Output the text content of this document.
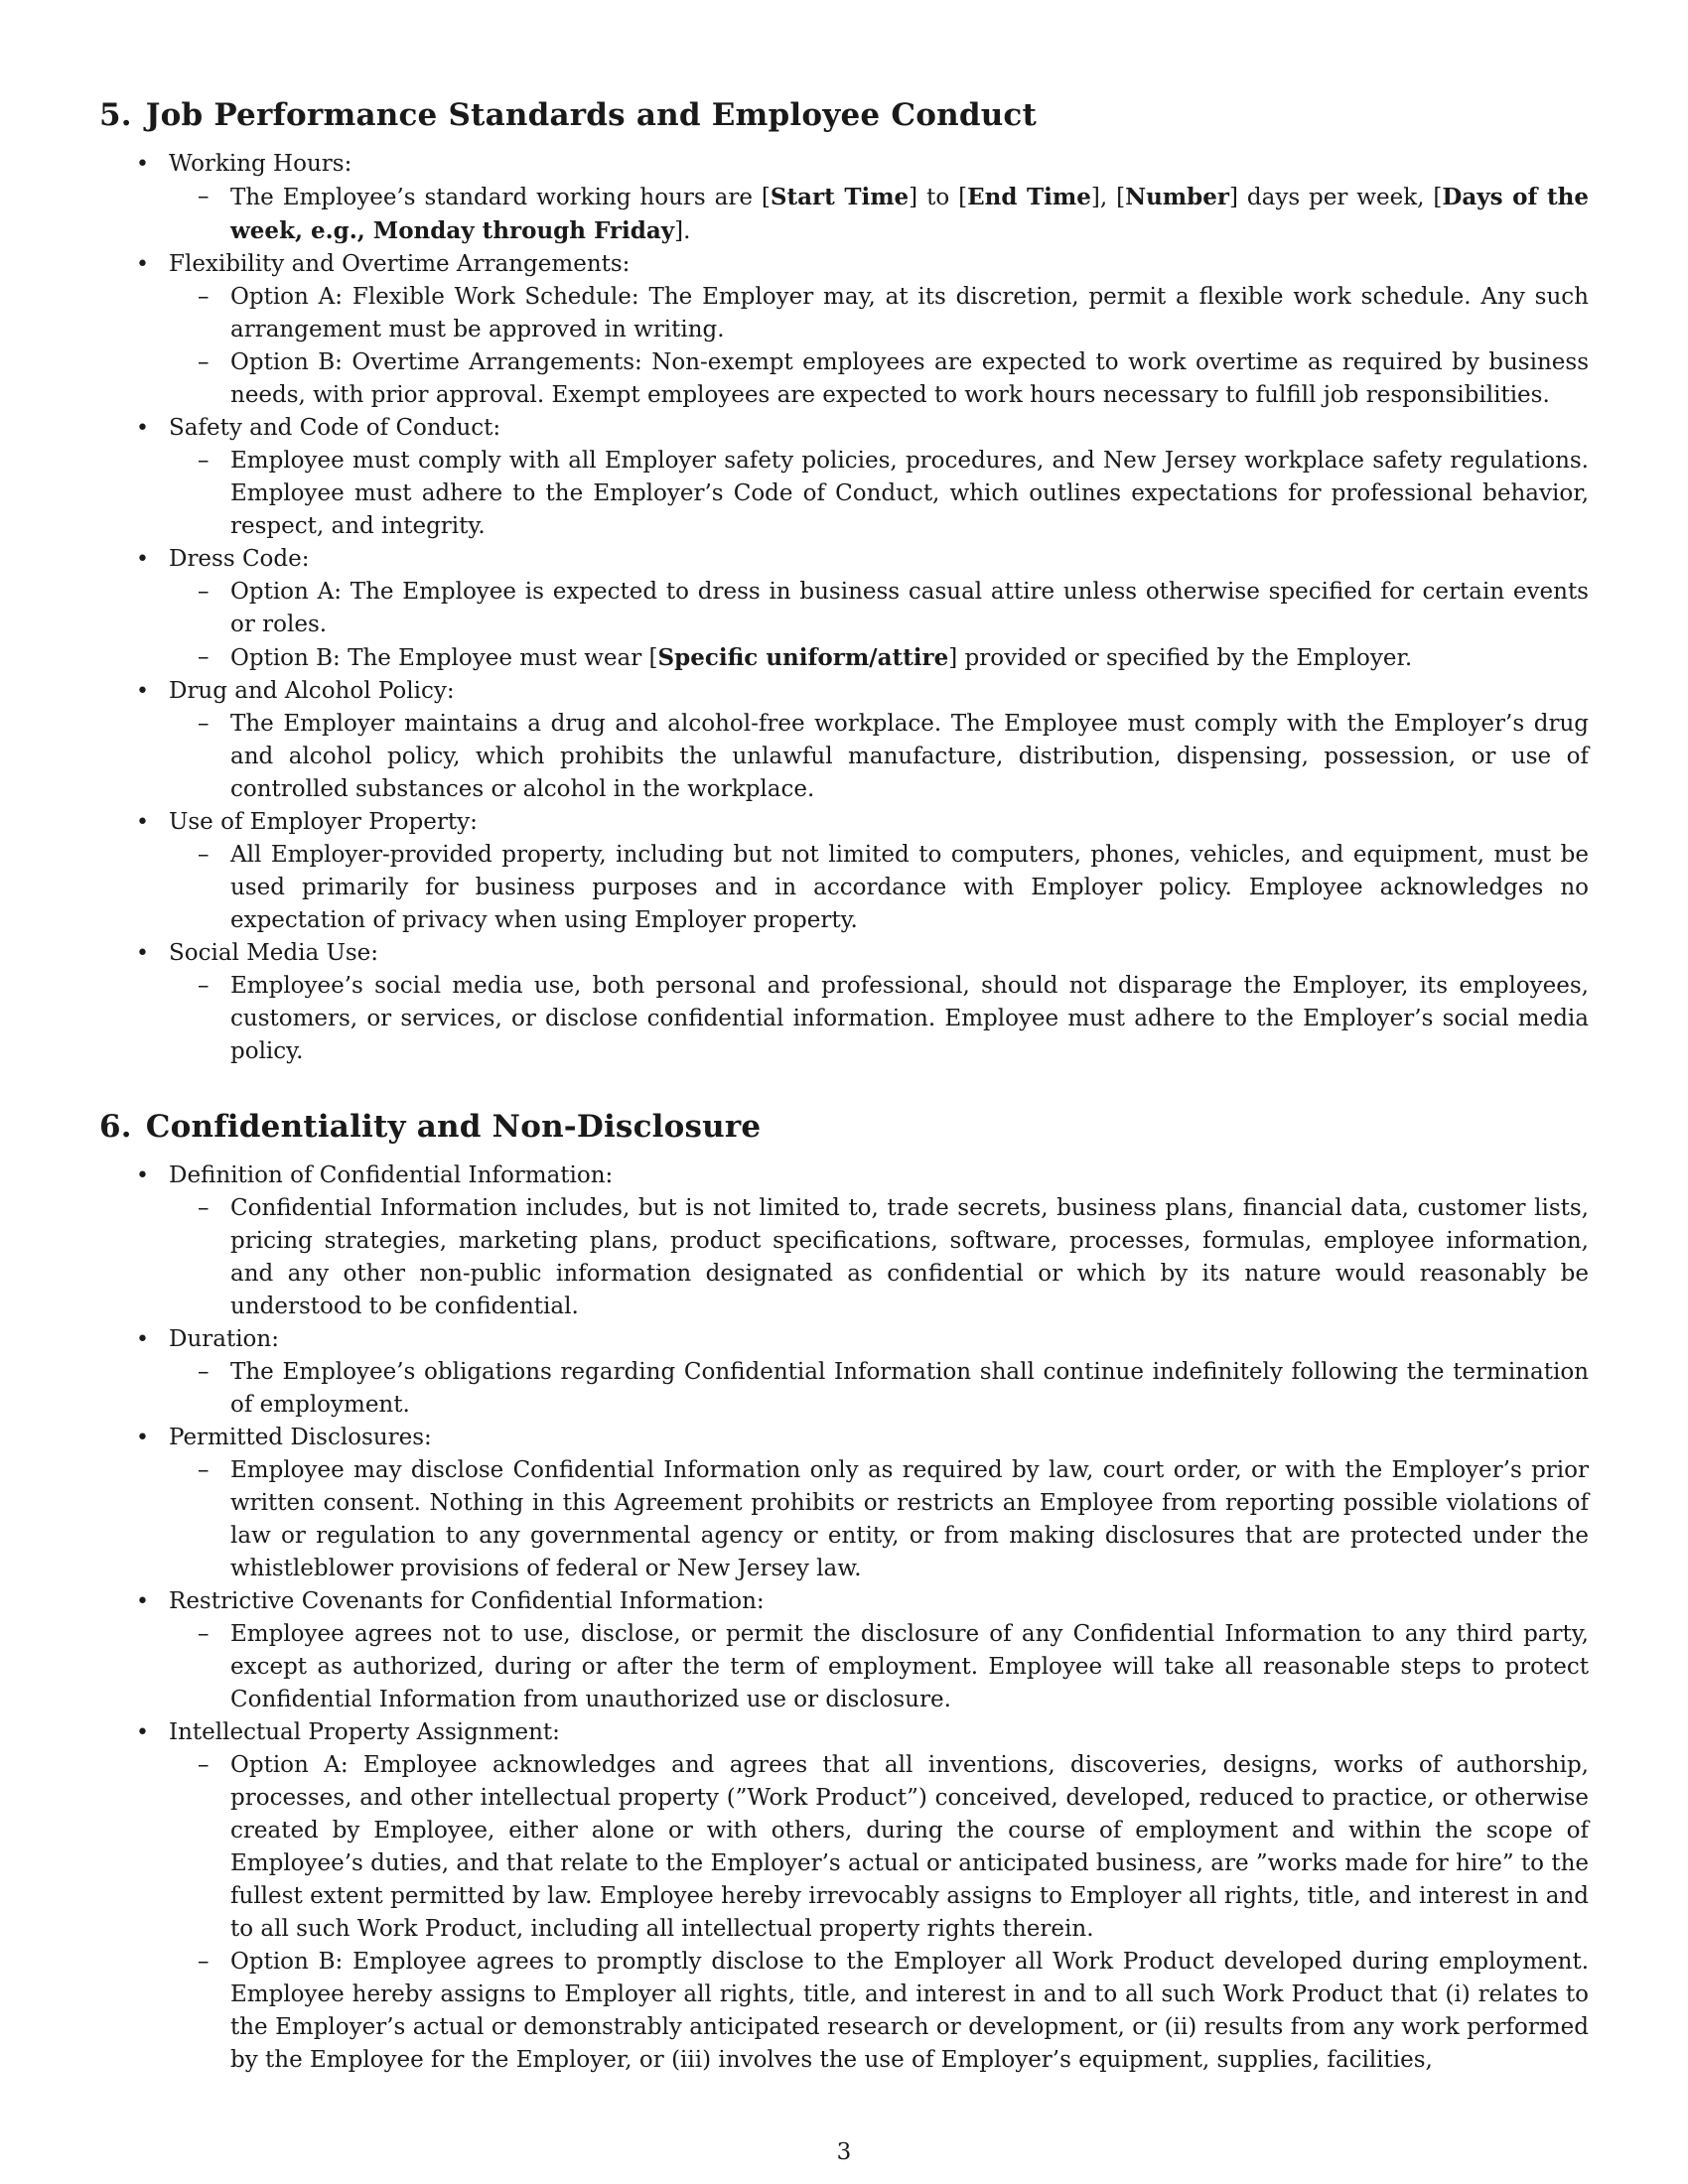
5. Job Performance Standards and Employee Conduct
• Working Hours:
– The Employee’s standard working hours are [Start Time] to [End Time], [Number] days per week, [Days of the week, e.g., Monday through Friday].
• Flexibility and Overtime Arrangements:
– Option A: Flexible Work Schedule: The Employer may, at its discretion, permit a flexible work schedule. Any such arrangement must be approved in writing.
– Option B: Overtime Arrangements: Non-exempt employees are expected to work overtime as required by business needs, with prior approval. Exempt employees are expected to work hours necessary to fulfill job responsibilities.
• Safety and Code of Conduct:
– Employee must comply with all Employer safety policies, procedures, and New Jersey workplace safety regulations. Employee must adhere to the Employer’s Code of Conduct, which outlines expectations for professional behavior, respect, and integrity.
• Dress Code:
– Option A: The Employee is expected to dress in business casual attire unless otherwise specified for certain events or roles.
– Option B: The Employee must wear [Specific uniform/attire] provided or specified by the Employer.
• Drug and Alcohol Policy:
– The Employer maintains a drug and alcohol-free workplace. The Employee must comply with the Employer’s drug and alcohol policy, which prohibits the unlawful manufacture, distribution, dispensing, possession, or use of controlled substances or alcohol in the workplace.
• Use of Employer Property:
– All Employer-provided property, including but not limited to computers, phones, vehicles, and equipment, must be used primarily for business purposes and in accordance with Employer policy. Employee acknowledges no expectation of privacy when using Employer property.
• Social Media Use:
– Employee’s social media use, both personal and professional, should not disparage the Employer, its employees, customers, or services, or disclose confidential information. Employee must adhere to the Employer’s social media policy.
6. Confidentiality and Non-Disclosure
• Definition of Confidential Information:
– Confidential Information includes, but is not limited to, trade secrets, business plans, financial data, customer lists, pricing strategies, marketing plans, product specifications, software, processes, formulas, employee information, and any other non-public information designated as confidential or which by its nature would reasonably be understood to be confidential.
• Duration:
– The Employee’s obligations regarding Confidential Information shall continue indefinitely following the termination of employment.
• Permitted Disclosures:
– Employee may disclose Confidential Information only as required by law, court order, or with the Employer’s prior written consent. Nothing in this Agreement prohibits or restricts an Employee from reporting possible violations of law or regulation to any governmental agency or entity, or from making disclosures that are protected under the whistleblower provisions of federal or New Jersey law.
• Restrictive Covenants for Confidential Information:
– Employee agrees not to use, disclose, or permit the disclosure of any Confidential Information to any third party, except as authorized, during or after the term of employment. Employee will take all reasonable steps to protect Confidential Information from unauthorized use or disclosure.
• Intellectual Property Assignment:
– Option A: Employee acknowledges and agrees that all inventions, discoveries, designs, works of authorship, processes, and other intellectual property (”Work Product”) conceived, developed, reduced to practice, or otherwise created by Employee, either alone or with others, during the course of employment and within the scope of Employee’s duties, and that relate to the Employer’s actual or anticipated business, are ”works made for hire” to the fullest extent permitted by law. Employee hereby irrevocably assigns to Employer all rights, title, and interest in and to all such Work Product, including all intellectual property rights therein.
– Option B: Employee agrees to promptly disclose to the Employer all Work Product developed during employment. Employee hereby assigns to Employer all rights, title, and interest in and to all such Work Product that (i) relates to the Employer’s actual or demonstrably anticipated research or development, or (ii) results from any work performed by the Employee for the Employer, or (iii) involves the use of Employer’s equipment, supplies, facilities,
3
